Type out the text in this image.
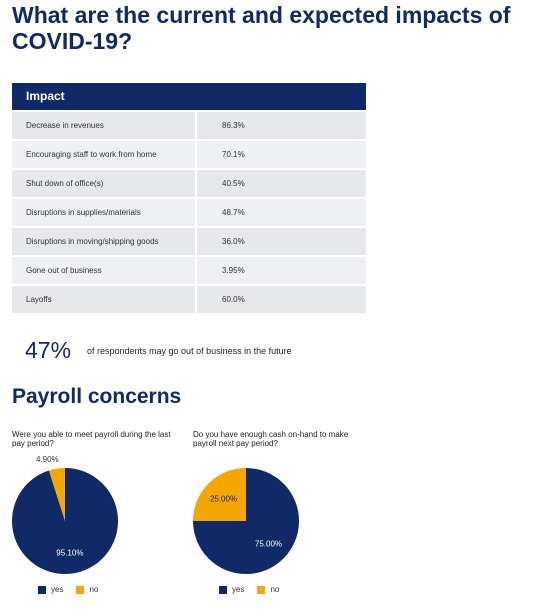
What are the current and expected impacts of COVID-19?
Impact
Decrease in revenues	86.3%
Encouraging staff to work from home	70.1%
Shut down of office(s)	40.5%
Disruptions in supplies/materials	48.7%
Disruptions in moving/shipping goods	36.0%
Gone out of business	3.95%
Layoffs	60.0%
47%	of respondents may go out of business in the future
Payroll concerns
Were you able to meet payroll during the last pay period?
Do you have enough cash on-hand to make payroll next pay period?
95.10%
4.90%
75.00%
25.00%
yes	no	yes	no
